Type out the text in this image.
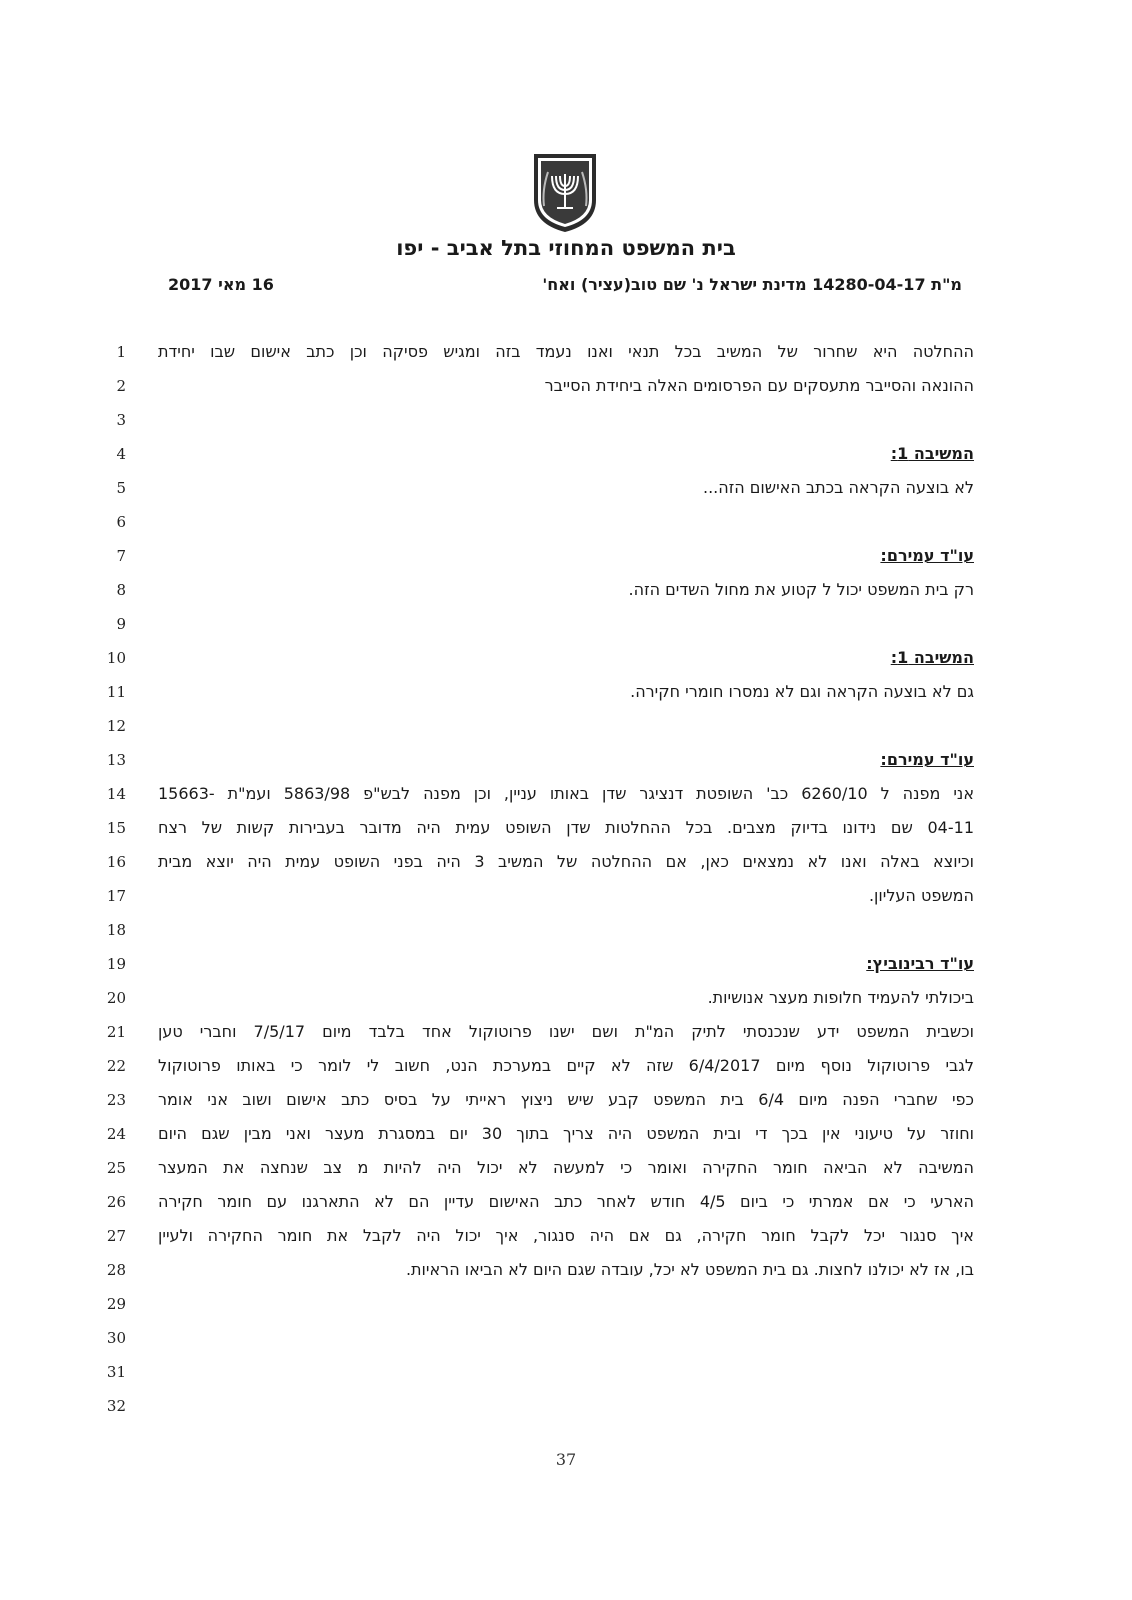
בית המשפט המחוזי בתל אביב - יפו
מ"ת 14280-04-17 מדינת ישראל נ' שם טוב(עציר) ואח'
16 מאי 2017
1 ההחלטה היא שחרור של המשיב בכל תנאי ואנו נעמד בזה ומגיש פסיקה וכן כתב אישום שבו יחידת
2	ההונאה והסייבר מתעסקים עם הפרסומים האלה ביחידת הסייבר
3
4	המשיבה 1:
5	לא בוצעה הקראה בכתב האישום הזה...
6
7	עו"ד עמירם:
8	רק בית המשפט יכול ל קטוע את מחול השדים הזה.
9
10	המשיבה 1:
11	גם לא בוצעה הקראה וגם לא נמסרו חומרי חקירה.
12
13	עו"ד עמירם:
14 אני מפנה ל 6260/10 כב' השופטת דנציגר שדן באותו עניין, וכן מפנה לבש"פ 5863/98 ועמ"ת -15663
15 04-11 שם נידונו בדיוק מצבים. בכל ההחלטות שדן השופט עמית היה מדובר בעבירות קשות של רצח
16 וכיוצא באלה ואנו לא נמצאים כאן, אם ההחלטה של המשיב 3 היה בפני השופט עמית היה יוצא מבית
17	המשפט העליון.
18
19	עו"ד רבינוביץ:
20	ביכולתי להעמיד חלופות מעצר אנושיות.
21 וכשבית המשפט ידע שנכנסתי לתיק המ"ת ושם ישנו פרוטוקול אחד בלבד מיום 7/5/17 וחברי טען
22 לגבי פרוטוקול נוסף מיום 6/4/2017 שזה לא קיים במערכת הנט, חשוב לי לומר כי באותו פרוטוקול
23 כפי שחברי הפנה מיום 6/4 בית המשפט קבע שיש ניצוץ ראייתי על בסיס כתב אישום ושוב אני אומר
24 וחוזר על טיעוני אין בכך די ובית המשפט היה צריך בתוך 30 יום במסגרת מעצר ואני מבין שגם היום
25 המשיבה לא הביאה חומר החקירה ואומר כי למעשה לא יכול היה להיות מ צב שנחצה את המעצר
26 הארעי כי אם אמרתי כי ביום 4/5 חודש לאחר כתב האישום עדיין הם לא התארגנו עם חומר חקירה
27 איך סנגור יכל לקבל חומר חקירה, גם אם היה סנגור, איך יכול היה לקבל את חומר החקירה ולעיין
28	בו, אז לא יכולנו לחצות. גם בית המשפט לא יכל, עובדה שגם היום לא הביאו הראיות.
29
30
31
32
37
